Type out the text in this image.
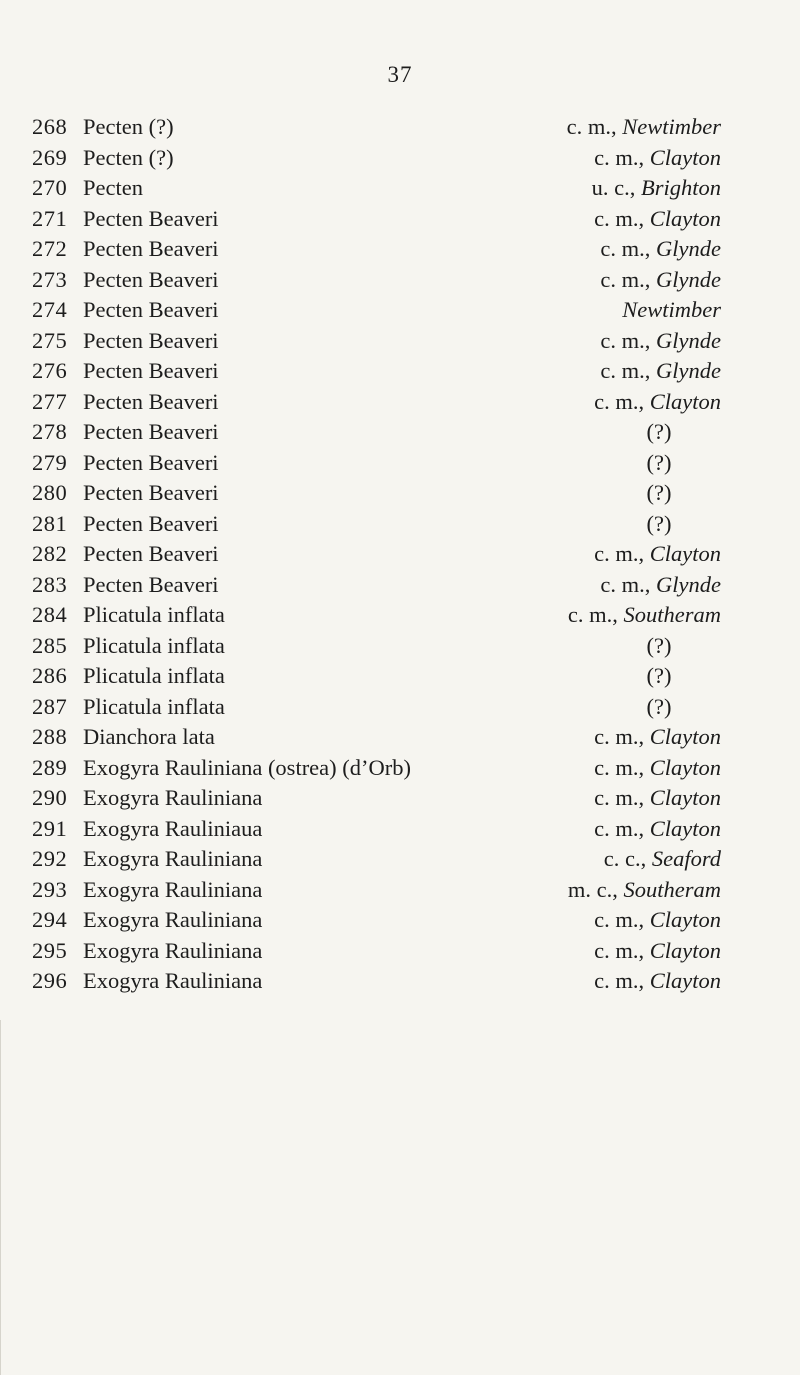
37
268 Pecten (?)	c. m., Newtimber
269 Pecten (?)	c. m., Clayton
270 Pecten	u. c., Brighton
271 Pecten Beaveri	c. m., Clayton
272 Pecten Beaveri	c. m., Glynde
273 Pecten Beaveri	c. m., Glynde
274 Pecten Beaveri	Newtimber
275 Pecten Beaveri	c. m., Glynde
276 Pecten Beaveri	c. m., Glynde
277 Pecten Beaveri	c. m., Clayton
278 Pecten Beaveri	(?)
279 Pecten Beaveri	(?)
280 Pecten Beaveri	(?)
281 Pecten Beaveri	(?)
282 Pecten Beaveri	c. m., Clayton
283 Pecten Beaveri	c. m., Glynde
284 Plicatula inflata	c. m., Southeram
285 Plicatula inflata	(?)
286 Plicatula inflata	(?)
287 Plicatula inflata	(?)
288 Dianchora lata	c. m., Clayton
289 Exogyra Rauliniana (ostrea) (d’Orb)	c. m., Clayton
290 Exogyra Rauliniana	c. m., Clayton
291 Exogyra Rauliniaua	c. m., Clayton
292 Exogyra Rauliniana	c. c., Seaford
293 Exogyra Rauliniana	m. c., Southeram
294 Exogyra Rauliniana	c. m., Clayton
295 Exogyra Rauliniana	c. m., Clayton
296 Exogyra Rauliniana	c. m., Clayton
